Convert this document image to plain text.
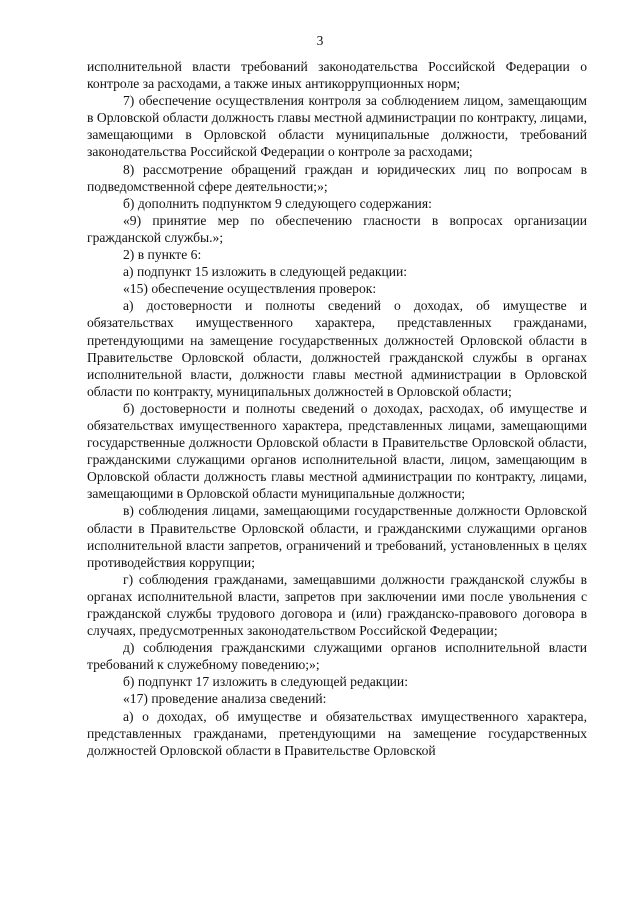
3

исполнительной власти требований законодательства Российской Федерации о контроле за расходами, а также иных антикоррупционных норм;

7) обеспечение осуществления контроля за соблюдением лицом, замещающим в Орловской области должность главы местной администрации по контракту, лицами, замещающими в Орловской области муниципальные должности, требований законодательства Российской Федерации о контроле за расходами;

8) рассмотрение обращений граждан и юридических лиц по вопросам в подведомственной сфере деятельности;»;

б) дополнить подпунктом 9 следующего содержания:

«9) принятие мер по обеспечению гласности в вопросах организации гражданской службы.»;

2) в пункте 6:

а) подпункт 15 изложить в следующей редакции:

«15) обеспечение осуществления проверок:

а) достоверности и полноты сведений о доходах, об имуществе и обязательствах имущественного характера, представленных гражданами, претендующими на замещение государственных должностей Орловской области в Правительстве Орловской области, должностей гражданской службы в органах исполнительной власти, должности главы местной администрации в Орловской области по контракту, муниципальных должностей в Орловской области;

б) достоверности и полноты сведений о доходах, расходах, об имуществе и обязательствах имущественного характера, представленных лицами, замещающими государственные должности Орловской области в Правительстве Орловской области, гражданскими служащими органов исполнительной власти, лицом, замещающим в Орловской области должность главы местной администрации по контракту, лицами, замещающими в Орловской области муниципальные должности;

в) соблюдения лицами, замещающими государственные должности Орловской области в Правительстве Орловской области, и гражданскими служащими органов исполнительной власти запретов, ограничений и требований, установленных в целях противодействия коррупции;

г) соблюдения гражданами, замещавшими должности гражданской службы в органах исполнительной власти, запретов при заключении ими после увольнения с гражданской службы трудового договора и (или) гражданско-правового договора в случаях, предусмотренных законодательством Российской Федерации;

д) соблюдения гражданскими служащими органов исполнительной власти требований к служебному поведению;»;

б) подпункт 17 изложить в следующей редакции:

«17) проведение анализа сведений:

а) о доходах, об имуществе и обязательствах имущественного характера, представленных гражданами, претендующими на замещение государственных должностей Орловской области в Правительстве Орловской
